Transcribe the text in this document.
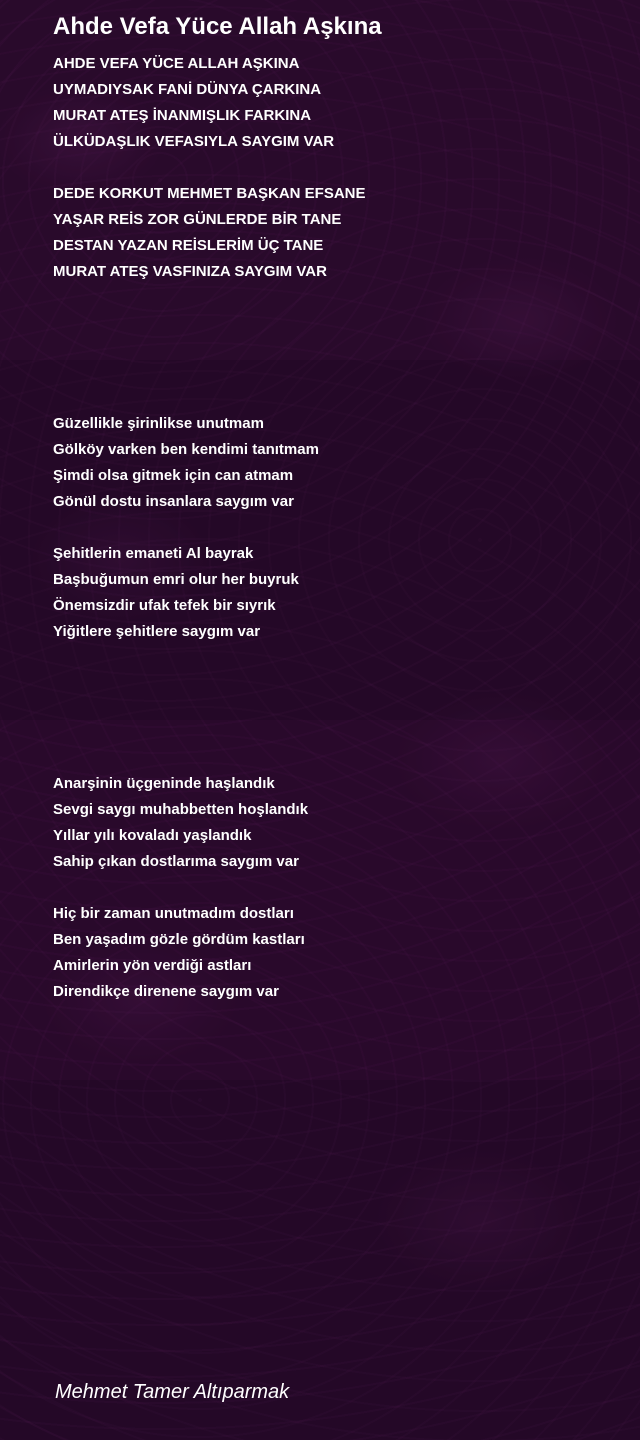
Ahde Vefa Yüce Allah Aşkına
AHDE VEFA YÜCE ALLAH AŞKINA
UYMADIYSAK FANİ DÜNYA ÇARKINA
MURAT ATEŞ İNANMIŞLIK FARKINA
ÜLKÜDAŞLIK VEFASIYLA SAYGIM VAR
DEDE KORKUT MEHMET BAŞKAN EFSANE
YAŞAR REİS ZOR GÜNLERDE BİR TANE
DESTAN YAZAN REİSLERİM ÜÇ TANE
MURAT ATEŞ VASFINIZA SAYGIM VAR
Güzellikle şirinlikse unutmam
Gölköy varken ben kendimi tanıtmam
Şimdi olsa gitmek için can atmam
Gönül dostu insanlara saygım var
Şehitlerin emaneti Al bayrak
Başbuğumun emri olur her buyruk
Önemsizdir ufak tefek bir sıyrık
Yiğitlere şehitlere saygım var
Anarşinin üçgeninde haşlandık
Sevgi saygı muhabbetten hoşlandık
Yıllar yılı kovaladı yaşlandık
Sahip çıkan dostlarıma saygım var
Hiç bir zaman unutmadım dostları
Ben yaşadım gözle gördüm kastları
Amirlerin yön verdiği astları
Direndikçe direnene saygım var

Mehmet Tamer Altıparmak
